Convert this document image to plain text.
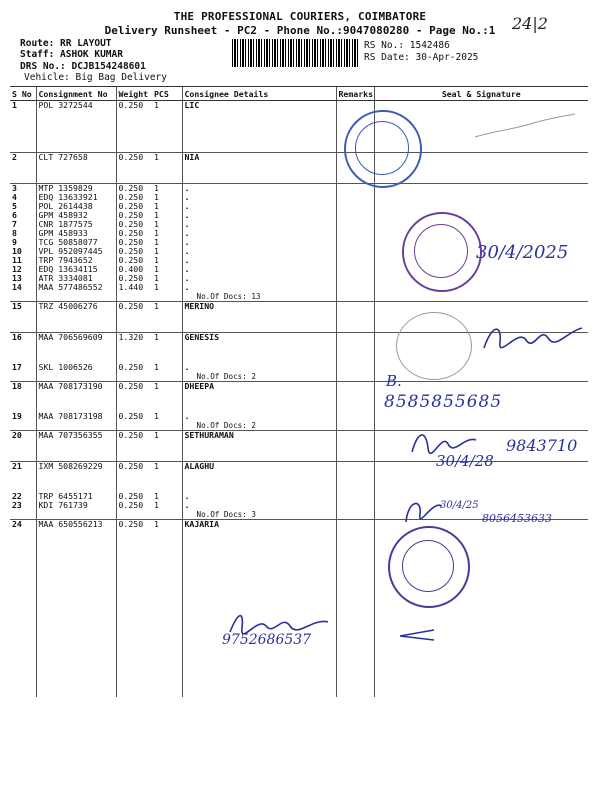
THE PROFESSIONAL COURIERS, COIMBATORE
Delivery Runsheet - PC2 - Phone No.:9047080280 - Page No.:1
Route: RR LAYOUT
Staff: ASHOK KUMAR
DRS No.: DCJB154248601
Vehicle: Big Bag Delivery
RS No.: 1542486
RS Date: 30-Apr-2025
24|2
S No	Consignment No	Weight	PCS	Consignee Details	Remarks	Seal & Signature
1	POL 3272544	0.250	1	LIC		

2	CLT 727658	0.250	1	NIA		

3	MTP 1359829	0.250	1	.		
4	EDQ 13633921	0.250	1	.		
5	POL 2614438	0.250	1	.		
6	GPM 458932	0.250	1	.		
7	CNR 1877575	0.250	1	.		
8	GPM 458933	0.250	1	.		
9	TCG 50858077	0.250	1	.		
10	VPL 952097445	0.250	1	.		
11	TRP 7943652	0.250	1	.		
12	EDQ 13634115	0.400	1	.		
13	ATR 3334081	0.250	1	.		
14	MAA 577486552	1.440	1	.		
				No.Of Docs: 13		
15	TRZ 45006276	0.250	1	MERINO		

16	MAA 706569609	1.320	1	GENESIS		

17	SKL 1006526	0.250	1	.		
				No.Of Docs: 2		
18	MAA 708173190	0.250	1	DHEEPA		

19	MAA 708173198	0.250	1	.		
				No.Of Docs: 2		
20	MAA 707356355	0.250	1	SETHURAMAN		

21	IXM 508269229	0.250	1	ALAGHU		

22	TRP 6455171	0.250	1	.		
23	KDI 761739	0.250	1	.		
				No.Of Docs: 3		
24	MAA 650556213	0.250	1	KAJARIA		

30/4/2025
B.
8585855685
30/4/28
9843710
30/4/25
8056453633
9752686537
